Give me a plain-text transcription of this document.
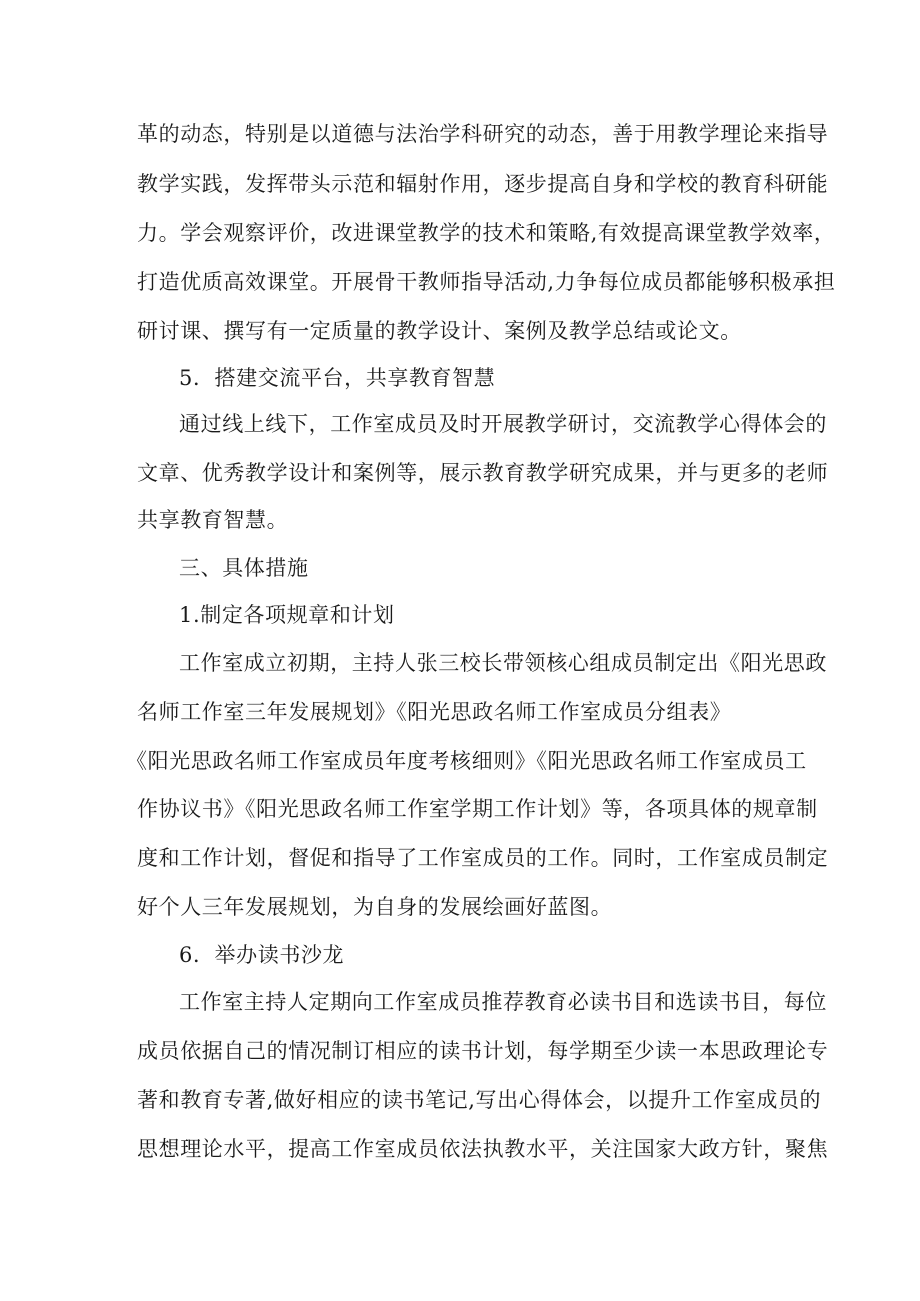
革的动态，特别是以道德与法治学科研究的动态，善于用教学理论来指导
教学实践，发挥带头示范和辐射作用，逐步提高自身和学校的教育科研能
力。学会观察评价，改进课堂教学的技术和策略,有效提高课堂教学效率，
打造优质高效课堂。开展骨干教师指导活动,力争每位成员都能够积极承担
研讨课、撰写有一定质量的教学设计、案例及教学总结或论文。
5．搭建交流平台，共享教育智慧
通过线上线下，工作室成员及时开展教学研讨，交流教学心得体会的
文章、优秀教学设计和案例等，展示教育教学研究成果，并与更多的老师
共享教育智慧。
三、具体措施
1.制定各项规章和计划
工作室成立初期，主持人张三校长带领核心组成员制定出《阳光思政
名师工作室三年发展规划》《阳光思政名师工作室成员分组表》
《阳光思政名师工作室成员年度考核细则》《阳光思政名师工作室成员工
作协议书》《阳光思政名师工作室学期工作计划》等，各项具体的规章制
度和工作计划，督促和指导了工作室成员的工作。同时，工作室成员制定
好个人三年发展规划，为自身的发展绘画好蓝图。
6．举办读书沙龙
工作室主持人定期向工作室成员推荐教育必读书目和选读书目，每位
成员依据自己的情况制订相应的读书计划，每学期至少读一本思政理论专
著和教育专著,做好相应的读书笔记,写出心得体会，以提升工作室成员的
思想理论水平，提高工作室成员依法执教水平，关注国家大政方针，聚焦
